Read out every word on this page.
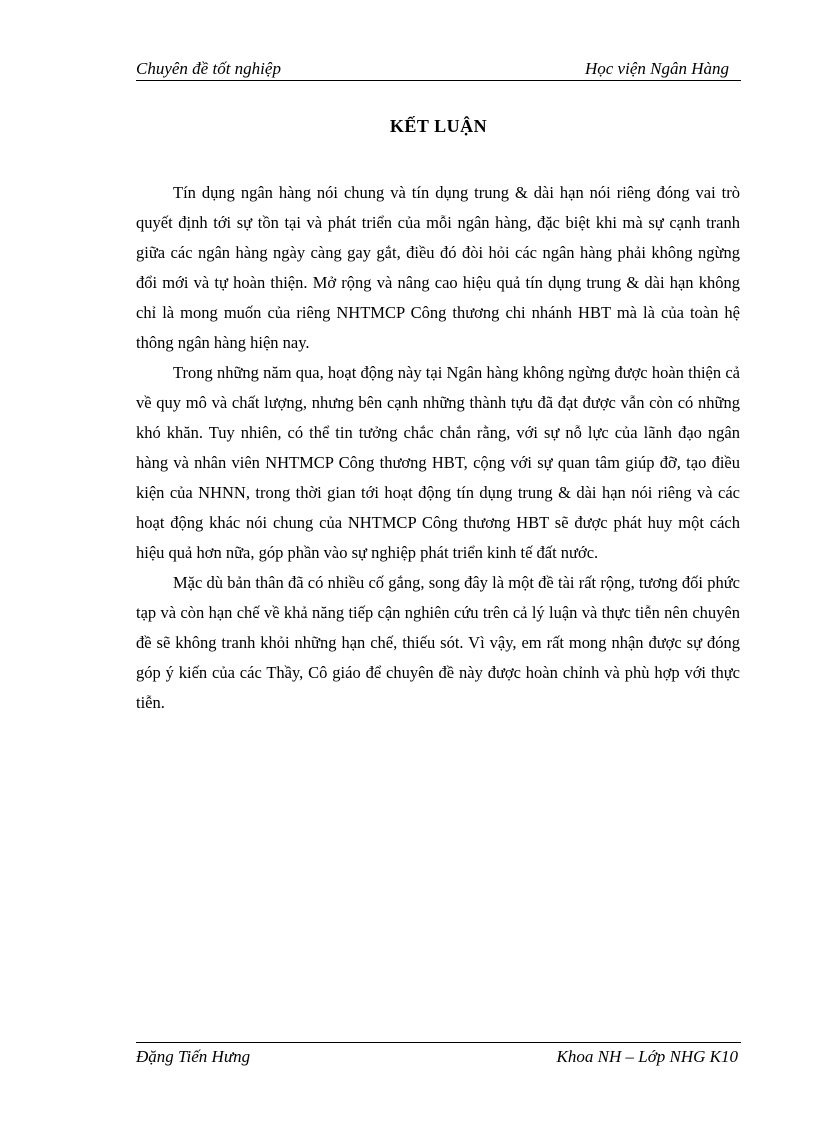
Chuyên đề tốt nghiệp	Học viện Ngân Hàng
KẾT LUẬN

Tín dụng ngân hàng nói chung và tín dụng trung & dài hạn nói riêng đóng vai trò quyết định tới sự tồn tại và phát triển của mỗi ngân hàng, đặc biệt khi mà sự cạnh tranh giữa các ngân hàng ngày càng gay gắt, điều đó đòi hỏi các ngân hàng phải không ngừng đổi mới và tự hoàn thiện. Mở rộng và nâng cao hiệu quả tín dụng trung & dài hạn không chỉ là mong muốn của riêng NHTMCP Công thương chi nhánh HBT mà là của toàn hệ thông ngân hàng hiện nay.

Trong những năm qua, hoạt động này tại Ngân hàng không ngừng được hoàn thiện cả về quy mô và chất lượng, nhưng bên cạnh những thành tựu đã đạt được vẫn còn có những khó khăn. Tuy nhiên, có thể tin tưởng chắc chắn rằng, với sự nỗ lực của lãnh đạo ngân hàng và nhân viên NHTMCP Công thương HBT, cộng với sự quan tâm giúp đỡ, tạo điều kiện của NHNN, trong thời gian tới hoạt động tín dụng trung & dài hạn nói riêng và các hoạt động khác nói chung của NHTMCP Công thương HBT sẽ được phát huy một cách hiệu quả hơn nữa, góp phần vào sự nghiệp phát triển kinh tế đất nước.

Mặc dù bản thân đã có nhiều cố gắng, song đây là một đề tài rất rộng, tương đối phức tạp và còn hạn chế về khả năng tiếp cận nghiên cứu trên cả lý luận và thực tiễn nên chuyên đề sẽ không tranh khỏi những hạn chế, thiếu sót. Vì vậy, em rất mong nhận được sự đóng góp ý kiến của các Thầy, Cô giáo để chuyên đề này được hoàn chỉnh và phù hợp với thực tiễn.

Đặng Tiến Hưng	Khoa NH – Lớp NHG K10
